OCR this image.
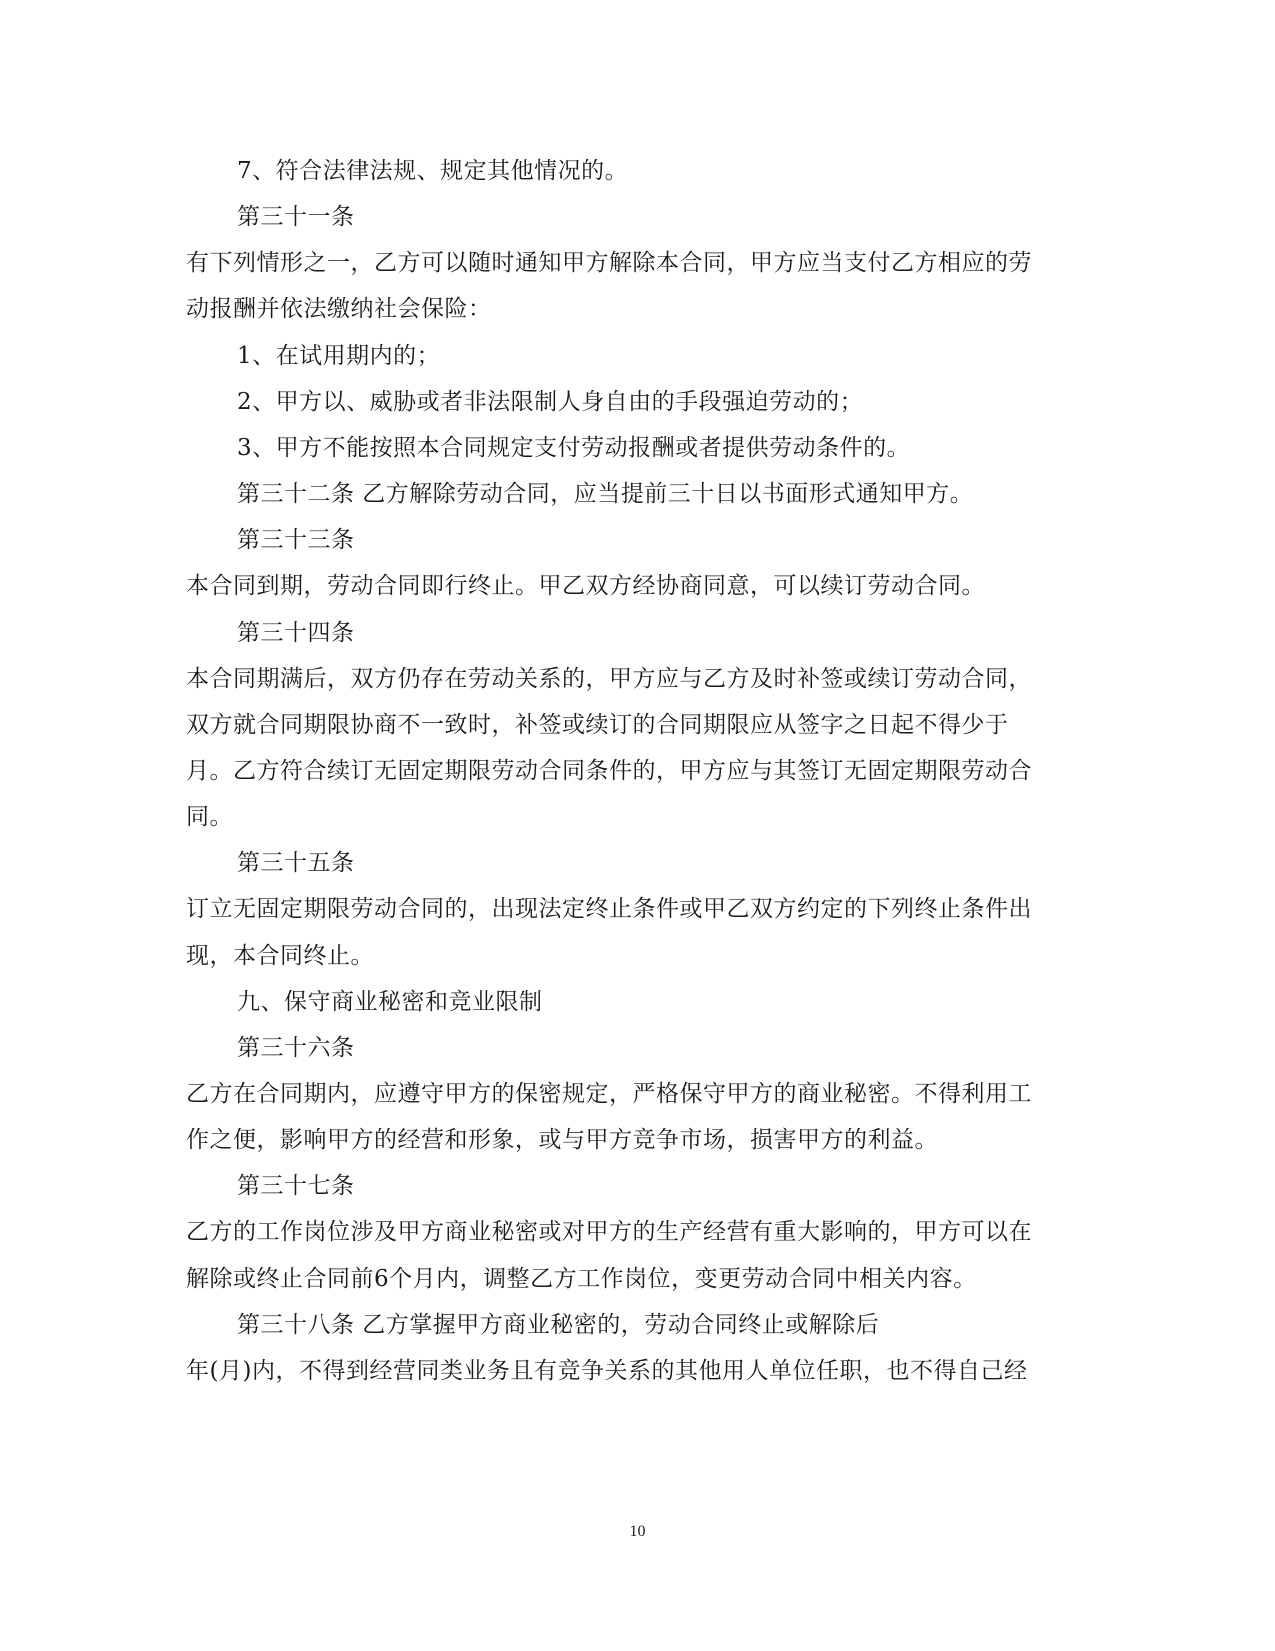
7、符合法律法规、规定其他情况的。
第三十一条
有下列情形之一，乙方可以随时通知甲方解除本合同，甲方应当支付乙方相应的劳
动报酬并依法缴纳社会保险：
1、在试用期内的；
2、甲方以、威胁或者非法限制人身自由的手段强迫劳动的；
3、甲方不能按照本合同规定支付劳动报酬或者提供劳动条件的。
第三十二条 乙方解除劳动合同，应当提前三十日以书面形式通知甲方。
第三十三条
本合同到期，劳动合同即行终止。甲乙双方经协商同意，可以续订劳动合同。
第三十四条
本合同期满后，双方仍存在劳动关系的，甲方应与乙方及时补签或续订劳动合同，
双方就合同期限协商不一致时，补签或续订的合同期限应从签字之日起不得少于
月。乙方符合续订无固定期限劳动合同条件的，甲方应与其签订无固定期限劳动合
同。
第三十五条
订立无固定期限劳动合同的，出现法定终止条件或甲乙双方约定的下列终止条件出
现，本合同终止。
九、保守商业秘密和竞业限制
第三十六条
乙方在合同期内，应遵守甲方的保密规定，严格保守甲方的商业秘密。不得利用工
作之便，影响甲方的经营和形象，或与甲方竞争市场，损害甲方的利益。
第三十七条
乙方的工作岗位涉及甲方商业秘密或对甲方的生产经营有重大影响的，甲方可以在
解除或终止合同前6个月内，调整乙方工作岗位，变更劳动合同中相关内容。
第三十八条 乙方掌握甲方商业秘密的，劳动合同终止或解除后
年(月)内，不得到经营同类业务且有竞争关系的其他用人单位任职，也不得自己经
10
